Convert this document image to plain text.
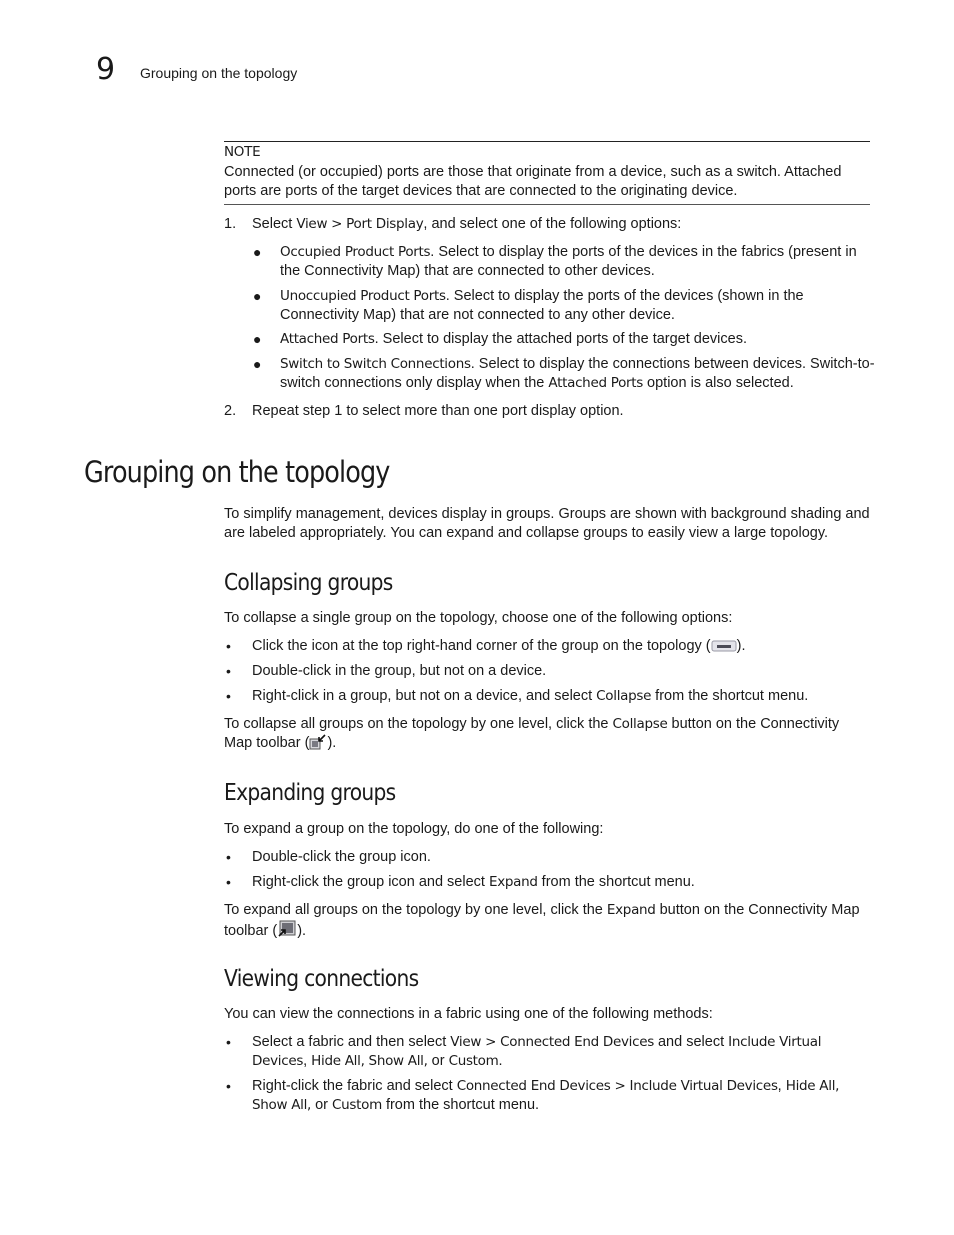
9 Grouping on the topology
NOTE

Connected (or occupied) ports are those that originate from a device, such as a switch. Attached ports are ports of the target devices that are connected to the originating device.

1. Select View > Port Display, and select one of the following options:
● Occupied Product Ports. Select to display the ports of the devices in the fabrics (present in the Connectivity Map) that are connected to other devices.
● Unoccupied Product Ports. Select to display the ports of the devices (shown in the Connectivity Map) that are not connected to any other device.
● Attached Ports. Select to display the attached ports of the target devices.
● Switch to Switch Connections. Select to display the connections between devices. Switch-to-switch connections only display when the Attached Ports option is also selected.
2. Repeat step 1 to select more than one port display option.
Grouping on the topology
To simplify management, devices display in groups. Groups are shown with background shading and are labeled appropriately. You can expand and collapse groups to easily view a large topology.
Collapsing groups
To collapse a single group on the topology, choose one of the following options:
• Click the icon at the top right-hand corner of the group on the topology ( ).
• Double-click in the group, but not on a device.
• Right-click in a group, but not on a device, and select Collapse from the shortcut menu.
To collapse all groups on the topology by one level, click the Collapse button on the Connectivity Map toolbar ( ).
Expanding groups
To expand a group on the topology, do one of the following:
• Double-click the group icon.
• Right-click the group icon and select Expand from the shortcut menu.
To expand all groups on the topology by one level, click the Expand button on the Connectivity Map toolbar ( ).
Viewing connections
You can view the connections in a fabric using one of the following methods:
• Select a fabric and then select View > Connected End Devices and select Include Virtual Devices, Hide All, Show All, or Custom.
• Right-click the fabric and select Connected End Devices > Include Virtual Devices, Hide All, Show All, or Custom from the shortcut menu.
